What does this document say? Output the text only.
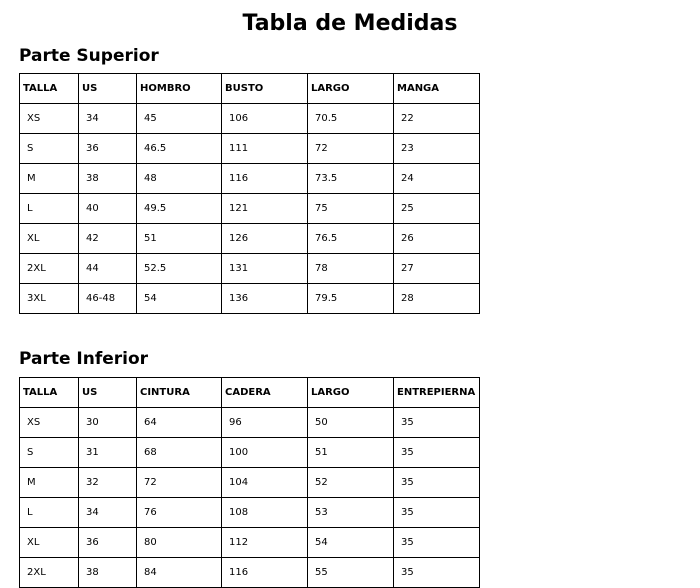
Tabla de Medidas
Parte Superior
TALLA	US	HOMBRO	BUSTO	LARGO	MANGA
XS	34	45	106	70.5	22
S	36	46.5	111	72	23
M	38	48	116	73.5	24
L	40	49.5	121	75	25
XL	42	51	126	76.5	26
2XL	44	52.5	131	78	27
3XL	46-48	54	136	79.5	28
Parte Inferior
TALLA	US	CINTURA	CADERA	LARGO	ENTREPIERNA
XS	30	64	96	50	35
S	31	68	100	51	35
M	32	72	104	52	35
L	34	76	108	53	35
XL	36	80	112	54	35
2XL	38	84	116	55	35
